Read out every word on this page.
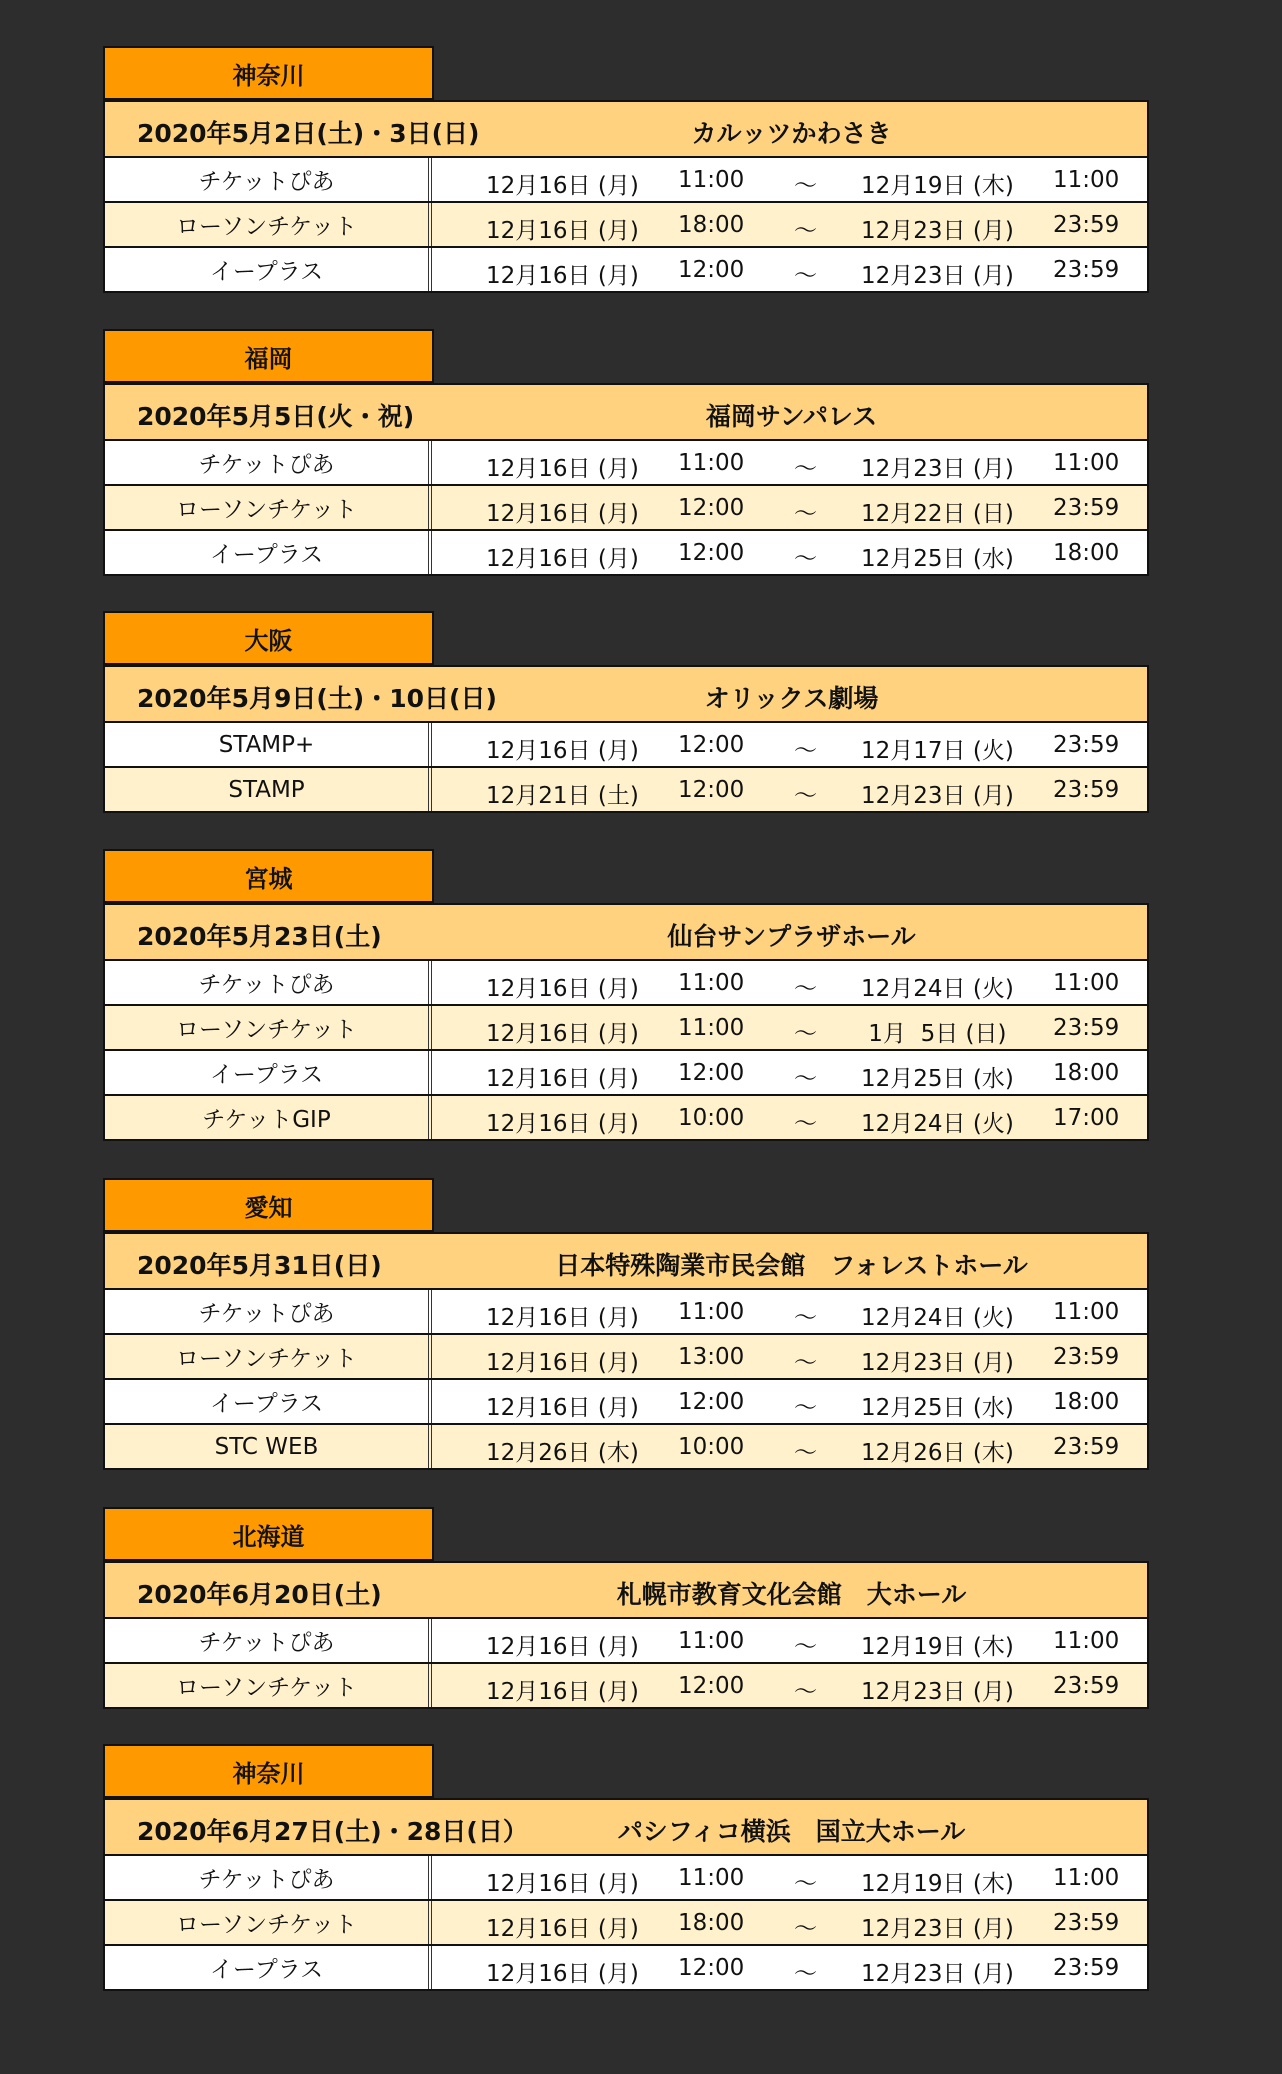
神奈川
2020年5月2日(土)・3日(日)	カルッツかわさき
チケットぴあ	12月16日 (月) 11:00 ～ 12月19日 (木) 11:00
ローソンチケット	12月16日 (月) 18:00 ～ 12月23日 (月) 23:59
イープラス	12月16日 (月) 12:00 ～ 12月23日 (月) 23:59
福岡
2020年5月5日(火・祝)	福岡サンパレス
チケットぴあ	12月16日 (月) 11:00 ～ 12月23日 (月) 11:00
ローソンチケット	12月16日 (月) 12:00 ～ 12月22日 (日) 23:59
イープラス	12月16日 (月) 12:00 ～ 12月25日 (水) 18:00
大阪
2020年5月9日(土)・10日(日)	オリックス劇場
STAMP+	12月16日 (月) 12:00 ～ 12月17日 (火) 23:59
STAMP	12月21日 (土) 12:00 ～ 12月23日 (月) 23:59
宮城
2020年5月23日(土)	仙台サンプラザホール
チケットぴあ	12月16日 (月) 11:00 ～ 12月24日 (火) 11:00
ローソンチケット	12月16日 (月) 11:00 ～ 1月  5日 (日) 23:59
イープラス	12月16日 (月) 12:00 ～ 12月25日 (水) 18:00
チケットGIP	12月16日 (月) 10:00 ～ 12月24日 (火) 17:00
愛知
2020年5月31日(日)	日本特殊陶業市民会館　フォレストホール
チケットぴあ	12月16日 (月) 11:00 ～ 12月24日 (火) 11:00
ローソンチケット	12月16日 (月) 13:00 ～ 12月23日 (月) 23:59
イープラス	12月16日 (月) 12:00 ～ 12月25日 (水) 18:00
STC WEB	12月26日 (木) 10:00 ～ 12月26日 (木) 23:59
北海道
2020年6月20日(土)	札幌市教育文化会館　大ホール
チケットぴあ	12月16日 (月) 11:00 ～ 12月19日 (木) 11:00
ローソンチケット	12月16日 (月) 12:00 ～ 12月23日 (月) 23:59
神奈川
2020年6月27日(土)・28日(日）	パシフィコ横浜　国立大ホール
チケットぴあ	12月16日 (月) 11:00 ～ 12月19日 (木) 11:00
ローソンチケット	12月16日 (月) 18:00 ～ 12月23日 (月) 23:59
イープラス	12月16日 (月) 12:00 ～ 12月23日 (月) 23:59
